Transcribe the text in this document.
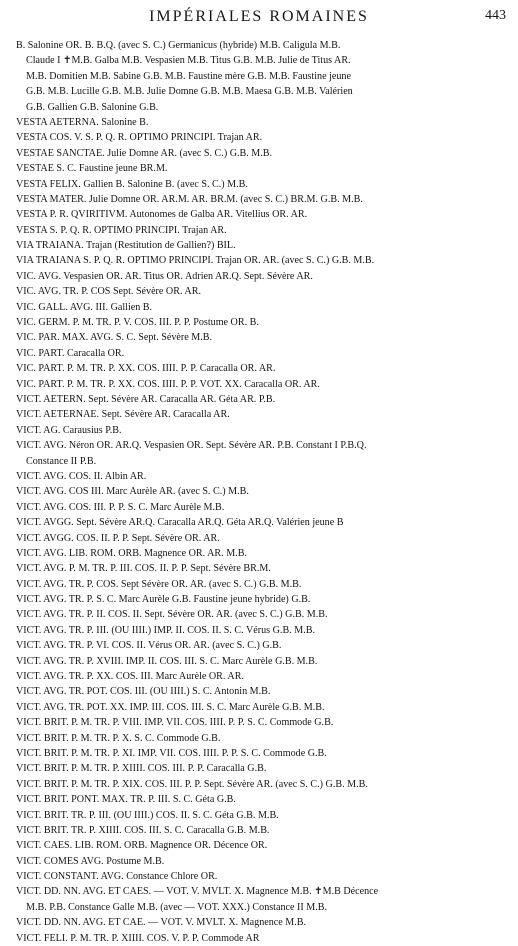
IMPÉRIALES ROMAINES	443
B. Salonine OR. B. B.Q. (avec S. C.) Germanicus (hybride) M.B. Caligula M.B.
Claude I ✝M.B. Galba M.B. Vespasien M.B. Titus G.B. M.B. Julie de Titus AR.
M.B. Domitien M.B. Sabine G.B. M.B. Faustine mère G.B. M.B. Faustine jeune
G.B. M.B. Lucille G.B. M.B. Julie Domne G.B. M.B. Maesa G.B. M.B. Valérien
G.B. Gallien G.B. Salonine G.B.
VESTA AETERNA. Salonine B.
VESTA COS. V. S. P. Q. R. OPTIMO PRINCIPI. Trajan AR.
VESTAE SANCTAE. Julie Domne AR. (avec S. C.) G.B. M.B.
VESTAE S. C. Faustine jeune BR.M.
VESTA FELIX. Gallien B. Salonine B. (avec S. C.) M.B.
VESTA MATER. Julie Domne OR. AR.M. AR. BR.M. (avec S. C.) BR.M. G.B. M.B.
VESTA P. R. QVIRITIVM. Autonomes de Galba AR. Vitellius OR. AR.
VESTA S. P. Q. R. OPTIMO PRINCIPI. Trajan AR.
VIA TRAIANA. Trajan (Restitution de Gallien?) BIL.
VIA TRAIANA S. P. Q. R. OPTIMO PRINCIPI. Trajan OR. AR. (avec S. C.) G.B. M.B.
VIC. AVG. Vespasien OR. AR. Titus OR. Adrien AR.Q. Sept. Sévère AR.
VIC. AVG. TR. P. COS Sept. Sévère OR. AR.
VIC. GALL. AVG. III. Gallien B.
VIC. GERM. P. M. TR. P. V. COS. III. P. P. Postume OR. B.
VIC. PAR. MAX. AVG. S. C. Sept. Sévère M.B.
VIC. PART. Caracalla OR.
VIC. PART. P. M. TR. P. XX. COS. IIII. P. P. Caracalla OR. AR.
VIC. PART. P. M. TR. P. XX. COS. IIII. P. P. VOT. XX. Caracalla OR. AR.
VICT. AETERN. Sept. Sévère AR. Caracalla AR. Géta AR. P.B.
VICT. AETERNAE. Sept. Sévère AR. Caracalla AR.
VICT. AG. Carausius P.B.
VICT. AVG. Néron OR. AR.Q. Vespasien OR. Sept. Sévère AR. P.B. Constant I P.B.Q.
Constance II P.B.
VICT. AVG. COS. II. Albin AR.
VICT. AVG. COS III. Marc Aurèle AR. (avec S. C.) M.B.
VICT. AVG. COS. III. P. P. S. C. Marc Aurèle M.B.
VICT. AVGG. Sept. Sévère AR.Q. Caracalla AR.Q. Géta AR.Q. Valérien jeune B
VICT. AVGG. COS. II. P. P. Sept. Sévère OR. AR.
VICT. AVG. LIB. ROM. ORB. Magnence OR. AR. M.B.
VICT. AVG. P. M. TR. P. III. COS. II. P. P. Sept. Sévère BR.M.
VICT. AVG. TR. P. COS. Sept Sévère OR. AR. (avec S. C.) G.B. M.B.
VICT. AVG. TR. P. S. C. Marc Aurèle G.B. Faustine jeune hybride) G.B.
VICT. AVG. TR. P. II. COS. II. Sept. Sévère OR. AR. (avec S. C.) G.B. M.B.
VICT. AVG. TR. P. III. (OU IIII.) IMP. II. COS. II. S. C. Vérus G.B. M.B.
VICT. AVG. TR. P. VI. COS. II. Vérus OR. AR. (avec S. C.) G.B.
VICT. AVG. TR. P. XVIII. IMP. II. COS. III. S. C. Marc Aurèle G.B. M.B.
VICT. AVG. TR. P. XX. COS. III. Marc Aurèle OR. AR.
VICT. AVG. TR. POT. COS. III. (OU IIII.) S. C. Antonin M.B.
VICT. AVG. TR. POT. XX. IMP. III. COS. III. S. C. Marc Aurèle G.B. M.B.
VICT. BRIT. P. M. TR. P. VIII. IMP. VII. COS. IIII. P. P. S. C. Commode G.B.
VICT. BRIT. P. M. TR. P. X. S. C. Commode G.B.
VICT. BRIT. P. M. TR. P. XI. IMP. VII. COS. IIII. P. P. S. C. Commode G.B.
VICT. BRIT. P. M. TR. P. XIIII. COS. III. P. P. Caracalla G.B.
VICT. BRIT. P. M. TR. P. XIX. COS. III. P. P. Sept. Sévère AR. (avec S. C.) G.B. M.B.
VICT. BRIT. PONT. MAX. TR. P. III. S. C. Géta G.B.
VICT. BRIT. TR. P. III. (OU IIII.) COS. II. S. C. Géta G.B. M.B.
VICT. BRIT. TR. P. XIIII. COS. III. S. C. Caracalla G.B. M.B.
VICT. CAES. LIB. ROM. ORB. Magnence OR. Décence OR.
VICT. COMES AVG. Postume M.B.
VICT. CONSTANT. AVG. Constance Chlore OR.
VICT. DD. NN. AVG. ET CAES. — VOT. V. MVLT. X. Magnence M.B. ✝M.B Décence
M.B. P.B. Constance Galle M.B. (avec — VOT. XXX.) Constance II M.B.
VICT. DD. NN. AVG. ET CAE. — VOT. V. MVLT. X. Magnence M.B.
VICT. FELI. P. M. TR. P. XIIII. COS. V. P. P. Commode AR
